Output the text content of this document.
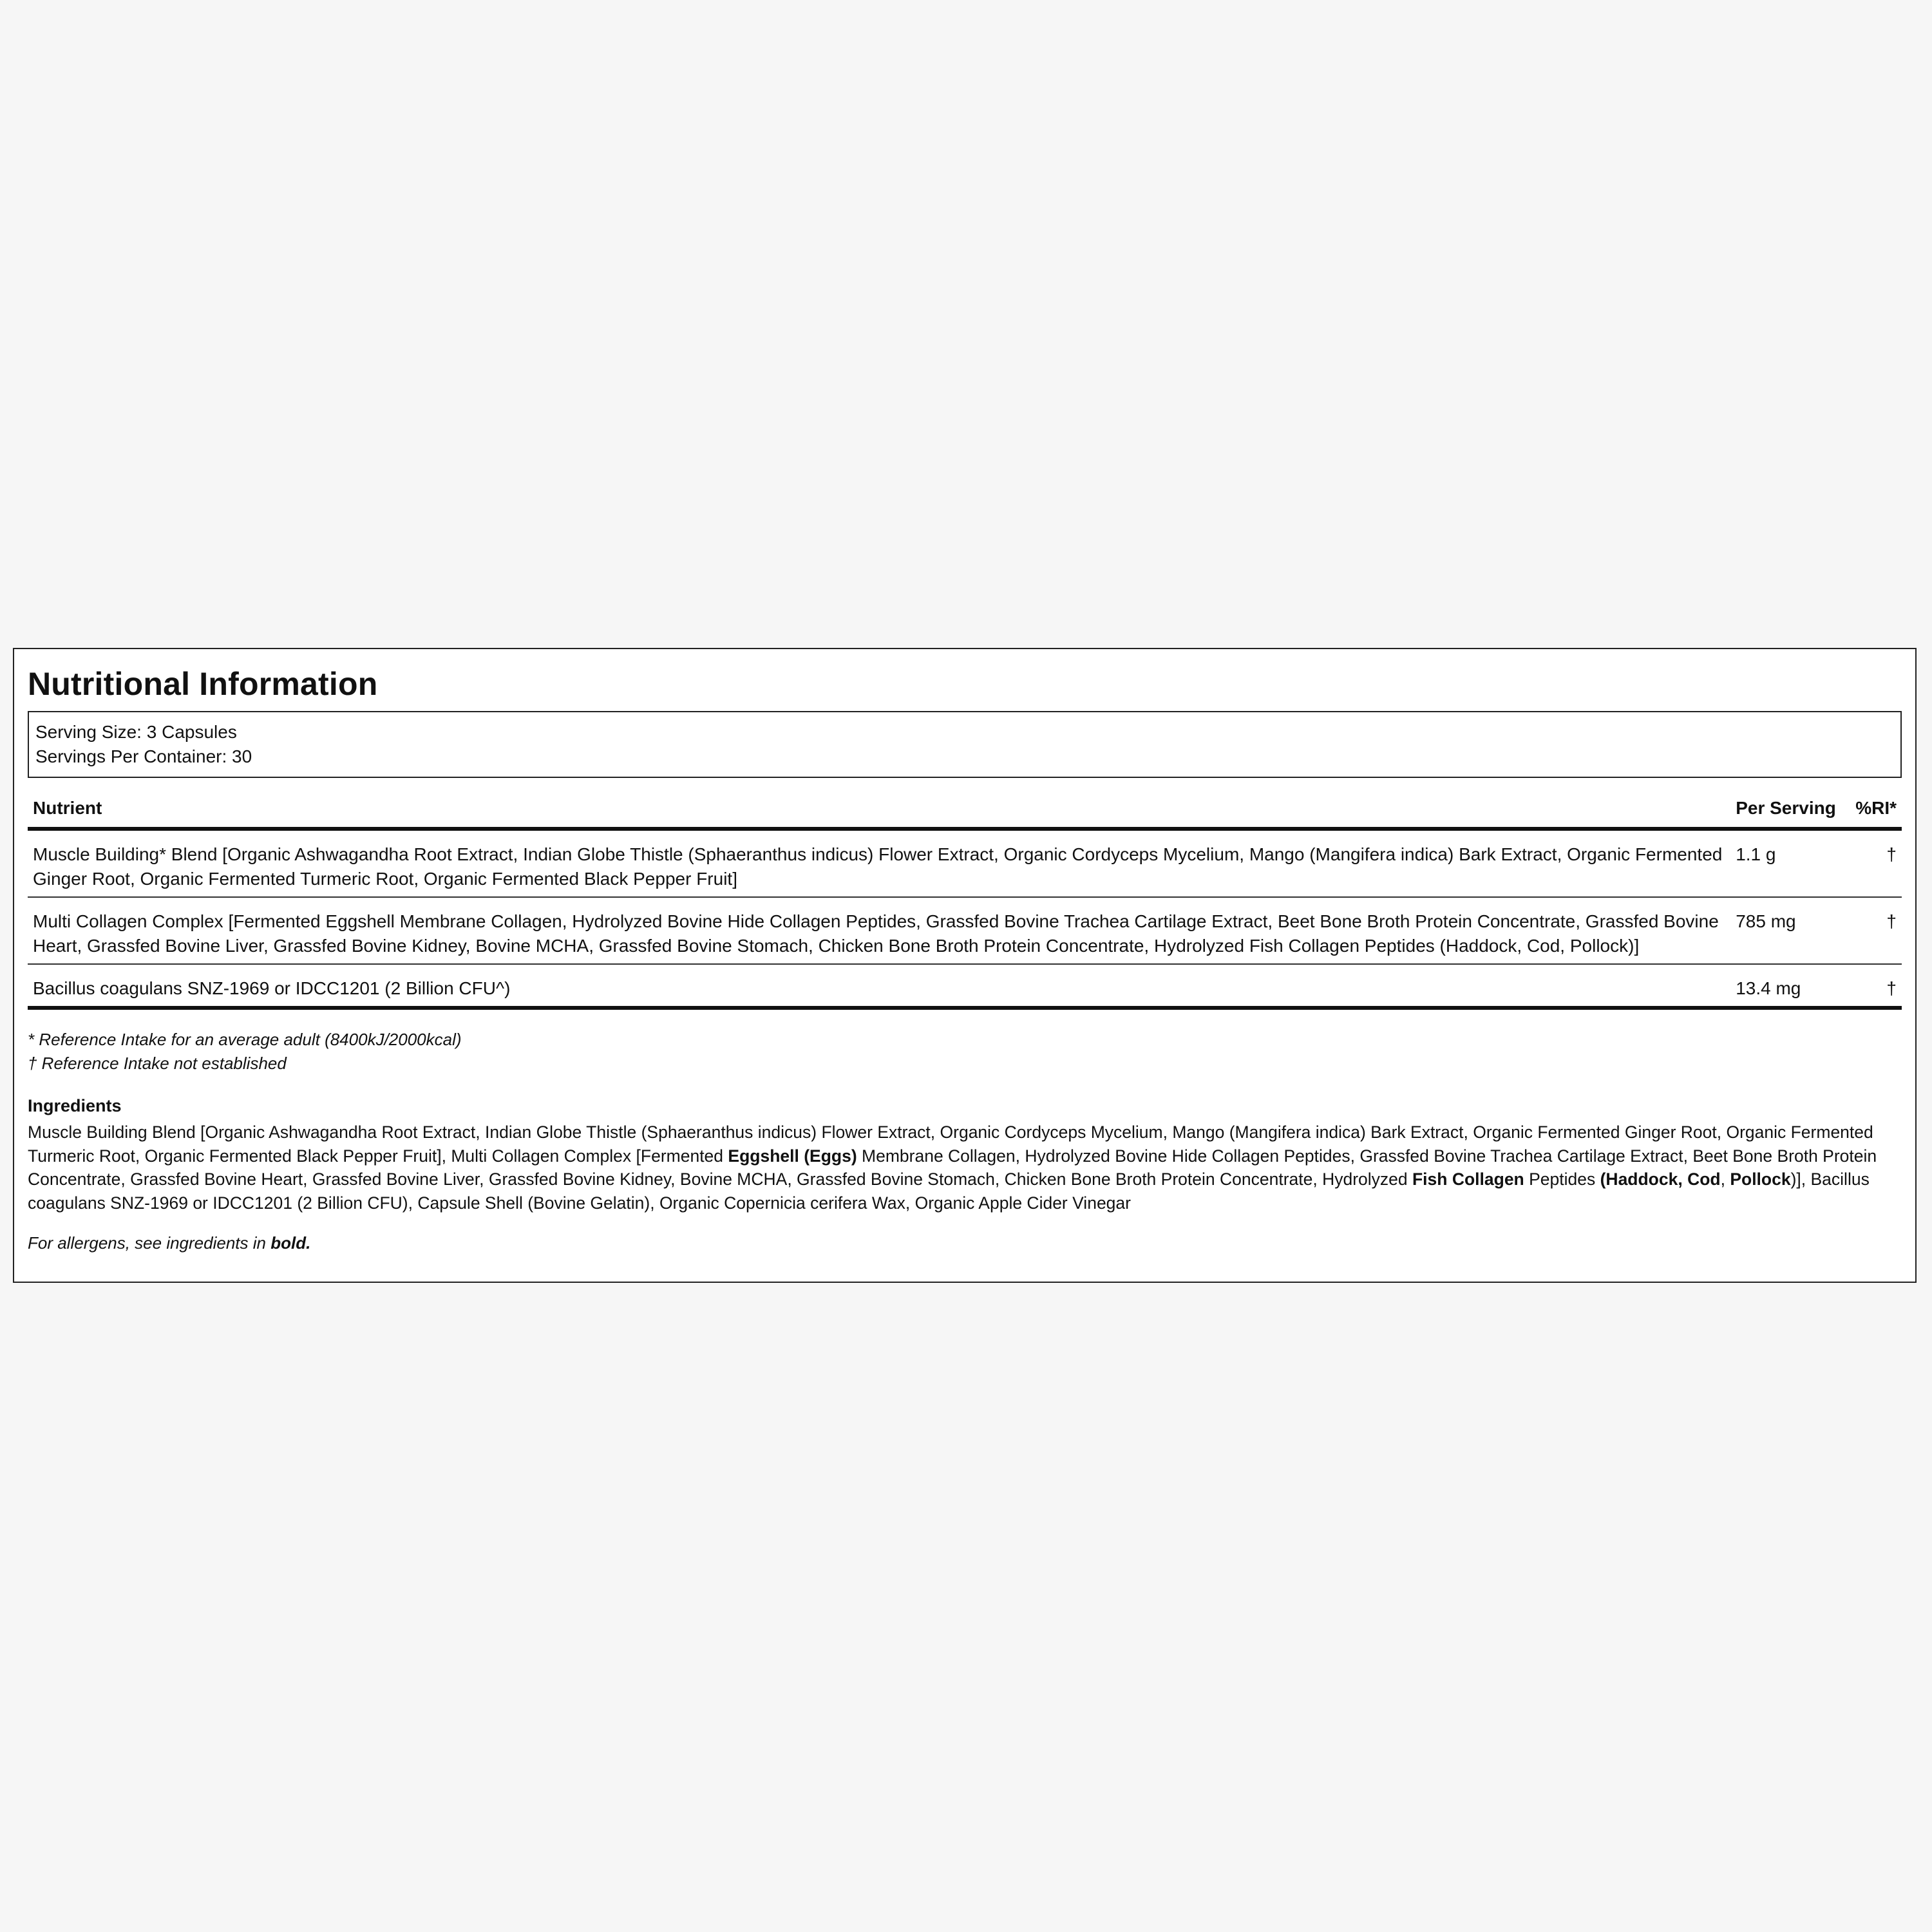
Nutritional Information
Serving Size: 3 Capsules
Servings Per Container: 30
Nutrient	Per Serving	%RI*
Muscle Building* Blend [Organic Ashwagandha Root Extract, Indian Globe Thistle (Sphaeranthus indicus) Flower Extract, Organic Cordyceps Mycelium, Mango (Mangifera indica) Bark Extract, Organic Fermented Ginger Root, Organic Fermented Turmeric Root, Organic Fermented Black Pepper Fruit]	1.1 g	†
Multi Collagen Complex [Fermented Eggshell Membrane Collagen, Hydrolyzed Bovine Hide Collagen Peptides, Grassfed Bovine Trachea Cartilage Extract, Beet Bone Broth Protein Concentrate, Grassfed Bovine Heart, Grassfed Bovine Liver, Grassfed Bovine Kidney, Bovine MCHA, Grassfed Bovine Stomach, Chicken Bone Broth Protein Concentrate, Hydrolyzed Fish Collagen Peptides (Haddock, Cod, Pollock)]	785 mg	†
Bacillus coagulans SNZ-1969 or IDCC1201 (2 Billion CFU^)	13.4 mg	†
* Reference Intake for an average adult (8400kJ/2000kcal)
† Reference Intake not established
Ingredients
Muscle Building Blend [Organic Ashwagandha Root Extract, Indian Globe Thistle (Sphaeranthus indicus) Flower Extract, Organic Cordyceps Mycelium, Mango (Mangifera indica) Bark Extract, Organic Fermented Ginger Root, Organic Fermented Turmeric Root, Organic Fermented Black Pepper Fruit], Multi Collagen Complex [Fermented Eggshell (Eggs) Membrane Collagen, Hydrolyzed Bovine Hide Collagen Peptides, Grassfed Bovine Trachea Cartilage Extract, Beet Bone Broth Protein Concentrate, Grassfed Bovine Heart, Grassfed Bovine Liver, Grassfed Bovine Kidney, Bovine MCHA, Grassfed Bovine Stomach, Chicken Bone Broth Protein Concentrate, Hydrolyzed Fish Collagen Peptides (Haddock, Cod, Pollock)], Bacillus coagulans SNZ-1969 or IDCC1201 (2 Billion CFU), Capsule Shell (Bovine Gelatin), Organic Copernicia cerifera Wax, Organic Apple Cider Vinegar
For allergens, see ingredients in bold.
